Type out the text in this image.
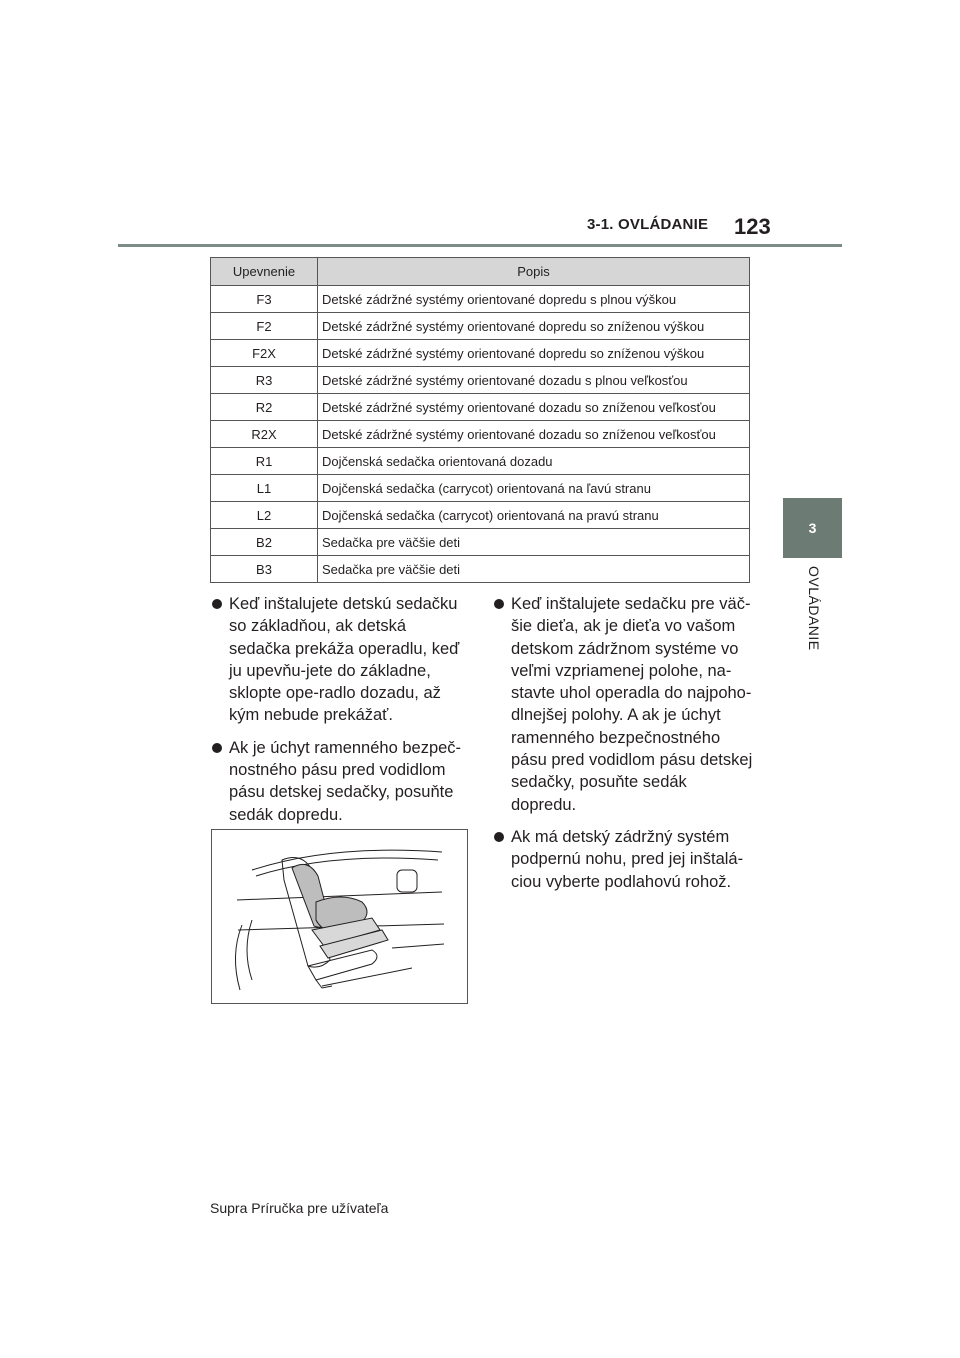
3-1. OVLÁDANIE 123
3
OVLÁDANIE
Upevnenie	Popis
F3	Detské zádržné systémy orientované dopredu s plnou výškou
F2	Detské zádržné systémy orientované dopredu so zníženou výškou
F2X	Detské zádržné systémy orientované dopredu so zníženou výškou
R3	Detské zádržné systémy orientované dozadu s plnou veľkosťou
R2	Detské zádržné systémy orientované dozadu so zníženou veľkosťou
R2X	Detské zádržné systémy orientované dozadu so zníženou veľkosťou
R1	Dojčenská sedačka orientovaná dozadu
L1	Dojčenská sedačka (carrycot) orientovaná na ľavú stranu
L2	Dojčenská sedačka (carrycot) orientovaná na pravú stranu
B2	Sedačka pre väčšie deti
B3	Sedačka pre väčšie deti
Keď inštalujete detskú sedačku so základňou, ak detská sedačka prekáža operadlu, keď ju upevňu-jete do základne, sklopte ope-radlo dozadu, až kým nebude prekážať.
Ak je úchyt ramenného bezpeč-nostného pásu pred vodidlom pásu detskej sedačky, posuňte sedák dopredu.
Keď inštalujete sedačku pre väč-šie dieťa, ak je dieťa vo vašom detskom zádržnom systéme vo veľmi vzpriamenej polohe, na-stavte uhol operadla do najpoho-dlnejšej polohy. A ak je úchyt ramenného bezpečnostného pásu pred vodidlom pásu detskej sedačky, posuňte sedák dopredu.
Ak má detský zádržný systém podpernú nohu, pred jej inštalá-ciou vyberte podlahovú rohož.
Supra Príručka pre užívateľa
